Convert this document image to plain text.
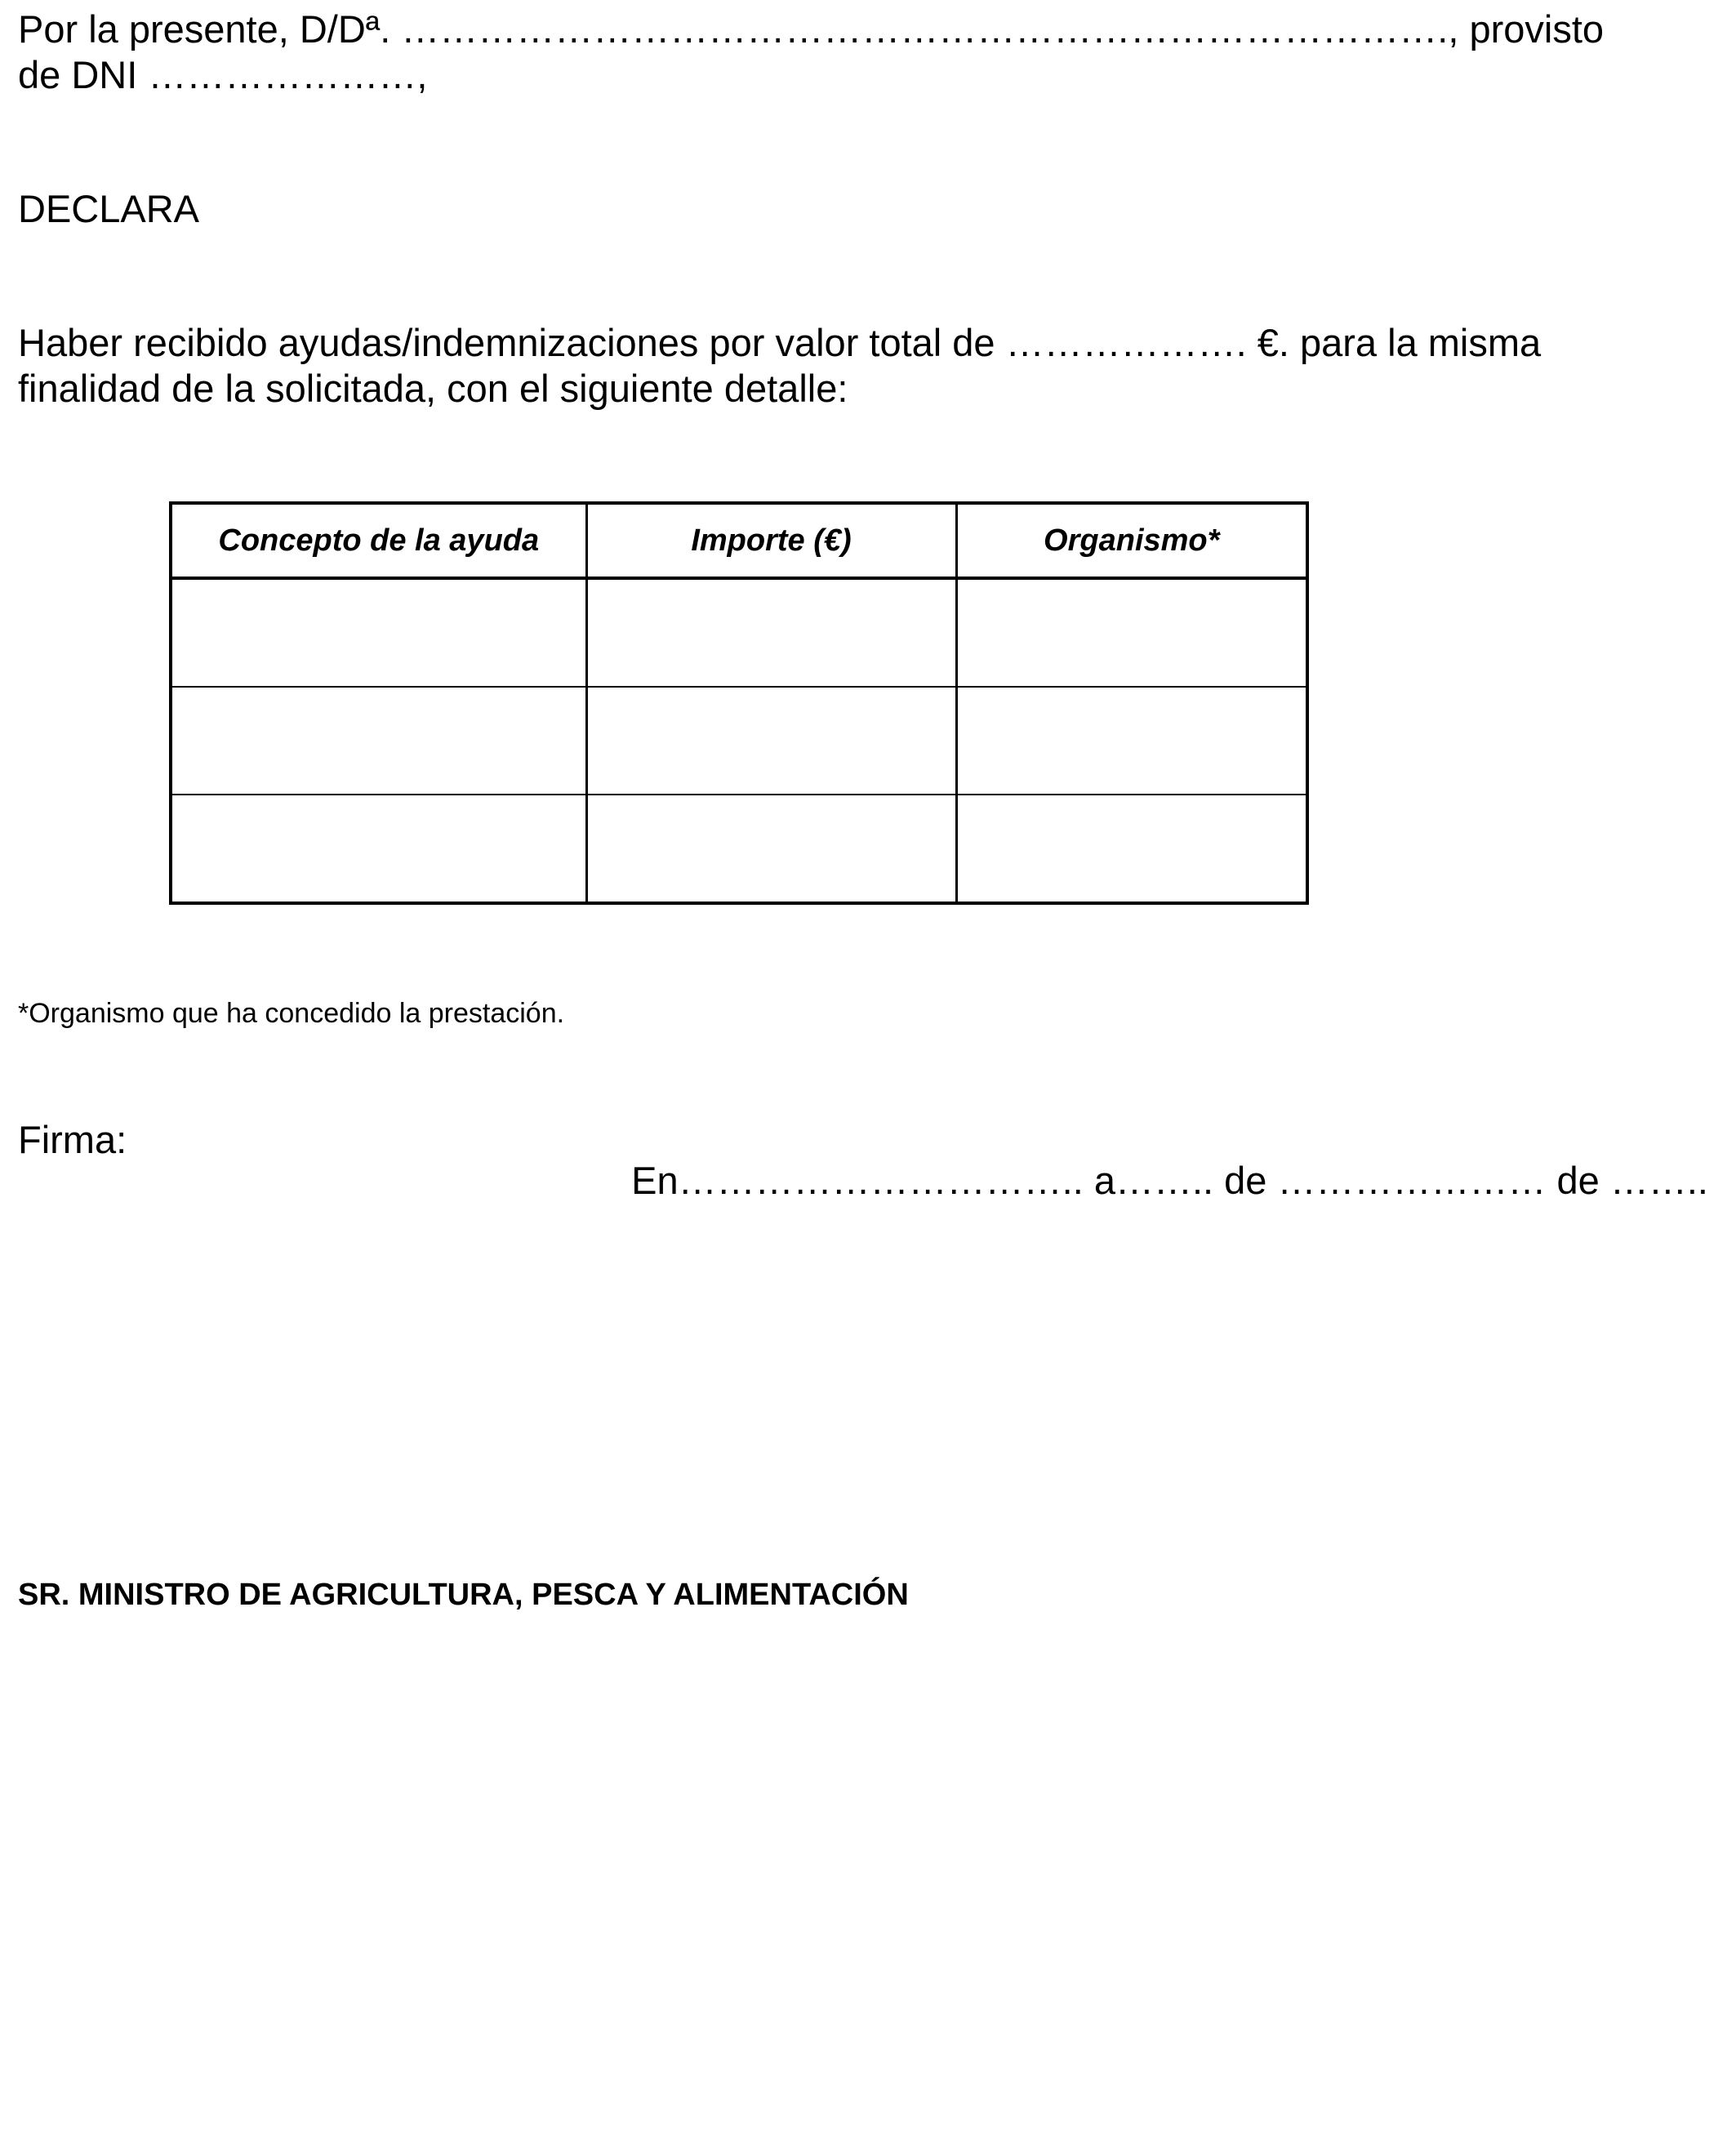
Por la presente, D/Dª. ………………………………………………………………………., provisto
de DNI …………………,
DECLARA
Haber recibido ayudas/indemnizaciones por valor total de ………………. €. para la misma
finalidad de la solicitada, con el siguiente detalle:
Concepto de la ayuda	Importe (€)	Organismo*

*Organismo que ha concedido la prestación.
Firma:
En………………………….. a…….. de ………………… de ……..
SR. MINISTRO DE AGRICULTURA, PESCA Y ALIMENTACIÓN
